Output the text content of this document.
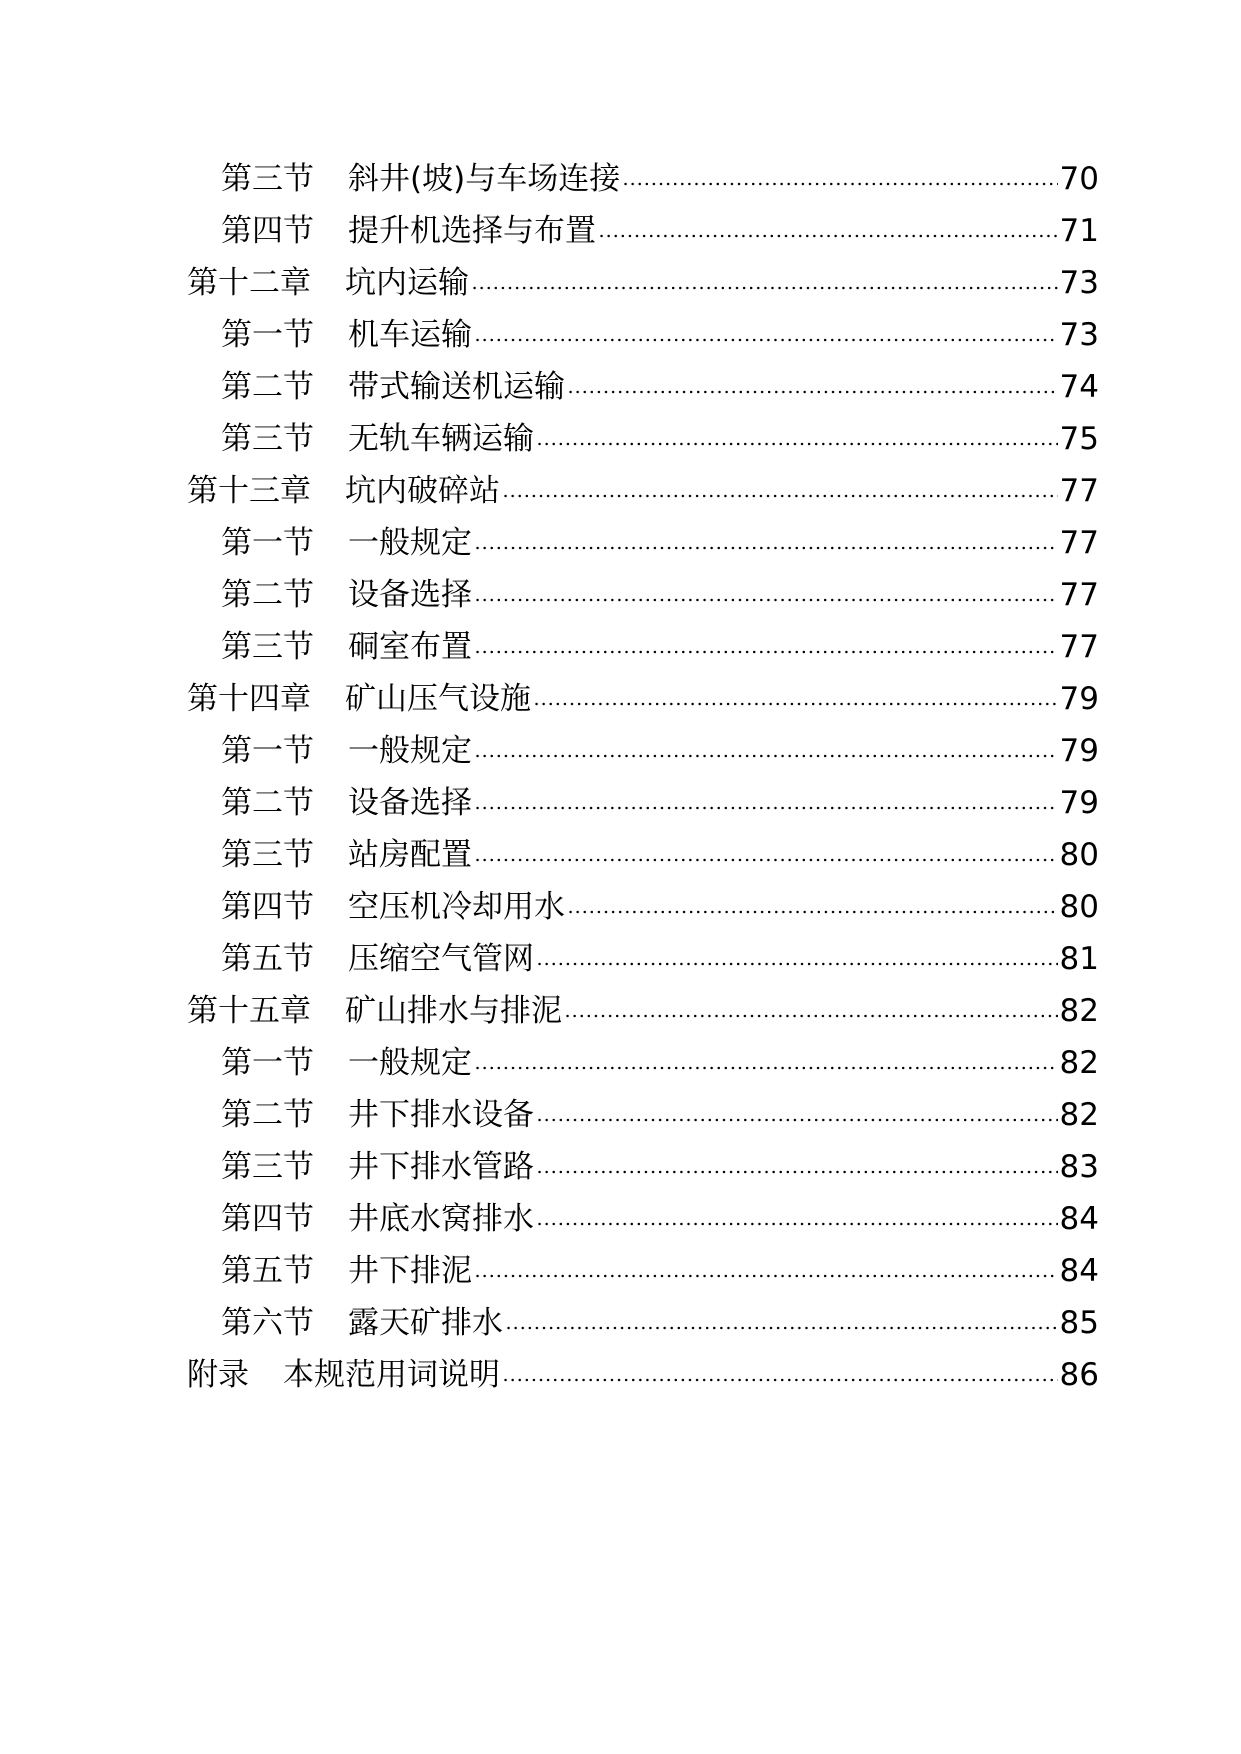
第三节 斜井(坡)与车场连接	70
第四节 提升机选择与布置	71
第十二章 坑内运输	73
第一节 机车运输	73
第二节 带式输送机运输	74
第三节 无轨车辆运输	75
第十三章 坑内破碎站	77
第一节 一般规定	77
第二节 设备选择	77
第三节 硐室布置	77
第十四章 矿山压气设施	79
第一节 一般规定	79
第二节 设备选择	79
第三节 站房配置	80
第四节 空压机冷却用水	80
第五节 压缩空气管网	81
第十五章 矿山排水与排泥	82
第一节 一般规定	82
第二节 井下排水设备	82
第三节 井下排水管路	83
第四节 井底水窝排水	84
第五节 井下排泥	84
第六节 露天矿排水	85
附录 本规范用词说明	86
